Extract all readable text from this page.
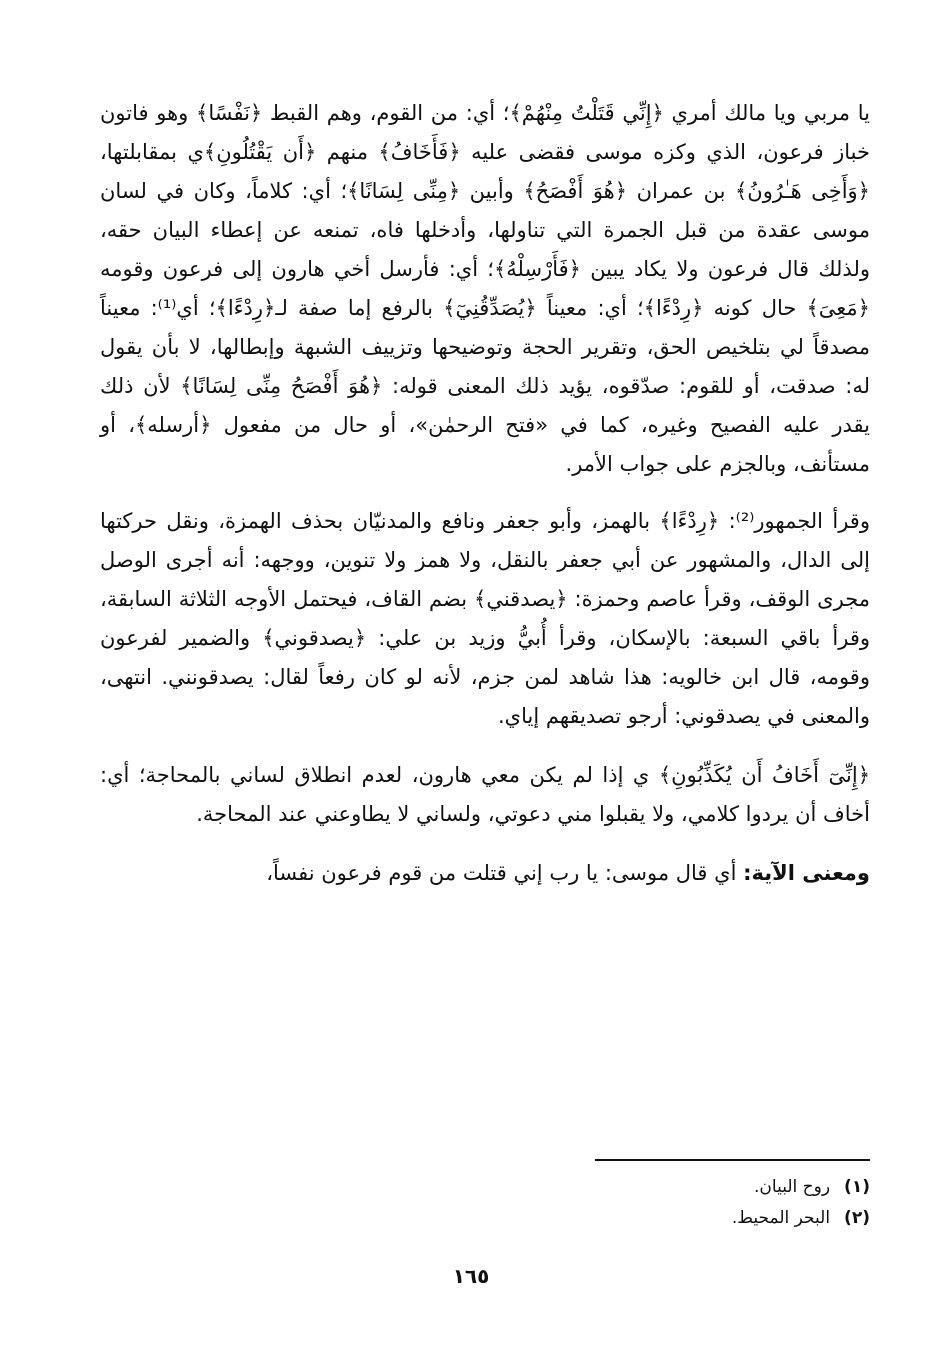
يا مربي ويا مالك أمري ﴿إِنِّي قَتَلْتُ مِنْهُمْ﴾؛ أي: من القوم، وهم القبط ﴿نَفْسًا﴾ وهو فاتون خباز فرعون، الذي وكزه موسى فقضى عليه ﴿فَأَخَافُ﴾ منهم ﴿أَن يَقْتُلُونِ﴾ي بمقابلتها، ﴿وَأَخِى هَـٰرُونُ﴾ بن عمران ﴿هُوَ أَفْصَحُ﴾ وأبين ﴿مِنِّى لِسَانًا﴾؛ أي: كلاماً، وكان في لسان موسى عقدة من قبل الجمرة التي تناولها، وأدخلها فاه، تمنعه عن إعطاء البيان حقه، ولذلك قال فرعون ولا يكاد يبين ﴿فَأَرْسِلْهُ﴾؛ أي: فأرسل أخي هارون إلى فرعون وقومه ﴿مَعِىَ﴾ حال كونه ﴿رِدْءًا﴾؛ أي: معيناً ﴿يُصَدِّقُنِيٓ﴾ بالرفع إما صفة لـ﴿رِدْءًا﴾؛ أي⁽¹⁾: معيناً مصدقاً لي بتلخيص الحق، وتقرير الحجة وتوضيحها وتزييف الشبهة وإبطالها، لا بأن يقول له: صدقت، أو للقوم: صدّقوه، يؤيد ذلك المعنى قوله: ﴿هُوَ أَفْصَحُ مِنِّى لِسَانًا﴾ لأن ذلك يقدر عليه الفصيح وغيره، كما في «فتح الرحمٰن»، أو حال من مفعول ﴿أرسله﴾، أو مستأنف، وبالجزم على جواب الأمر.

وقرأ الجمهور⁽²⁾: ﴿رِدْءًا﴾ بالهمز، وأبو جعفر ونافع والمدنيّان بحذف الهمزة، ونقل حركتها إلى الدال، والمشهور عن أبي جعفر بالنقل، ولا همز ولا تنوين، ووجهه: أنه أجرى الوصل مجرى الوقف، وقرأ عاصم وحمزة: ﴿يصدقني﴾ بضم القاف، فيحتمل الأوجه الثلاثة السابقة، وقرأ باقي السبعة: بالإسكان، وقرأ أُبيُّ وزيد بن علي: ﴿يصدقوني﴾ والضمير لفرعون وقومه، قال ابن خالويه: هذا شاهد لمن جزم، لأنه لو كان رفعاً لقال: يصدقونني. انتهى، والمعنى في يصدقوني: أرجو تصديقهم إياي.

﴿إِنِّىٓ أَخَافُ أَن يُكَذِّبُونِ﴾ ي إذا لم يكن معي هارون، لعدم انطلاق لساني بالمحاجة؛ أي: أخاف أن يردوا كلامي، ولا يقبلوا مني دعوتي، ولساني لا يطاوعني عند المحاجة.

ومعنى الآية: أي قال موسى: يا رب إني قتلت من قوم فرعون نفساً،

(١)
روح البيان.
(٢)
البحر المحيط.
١٦٥
